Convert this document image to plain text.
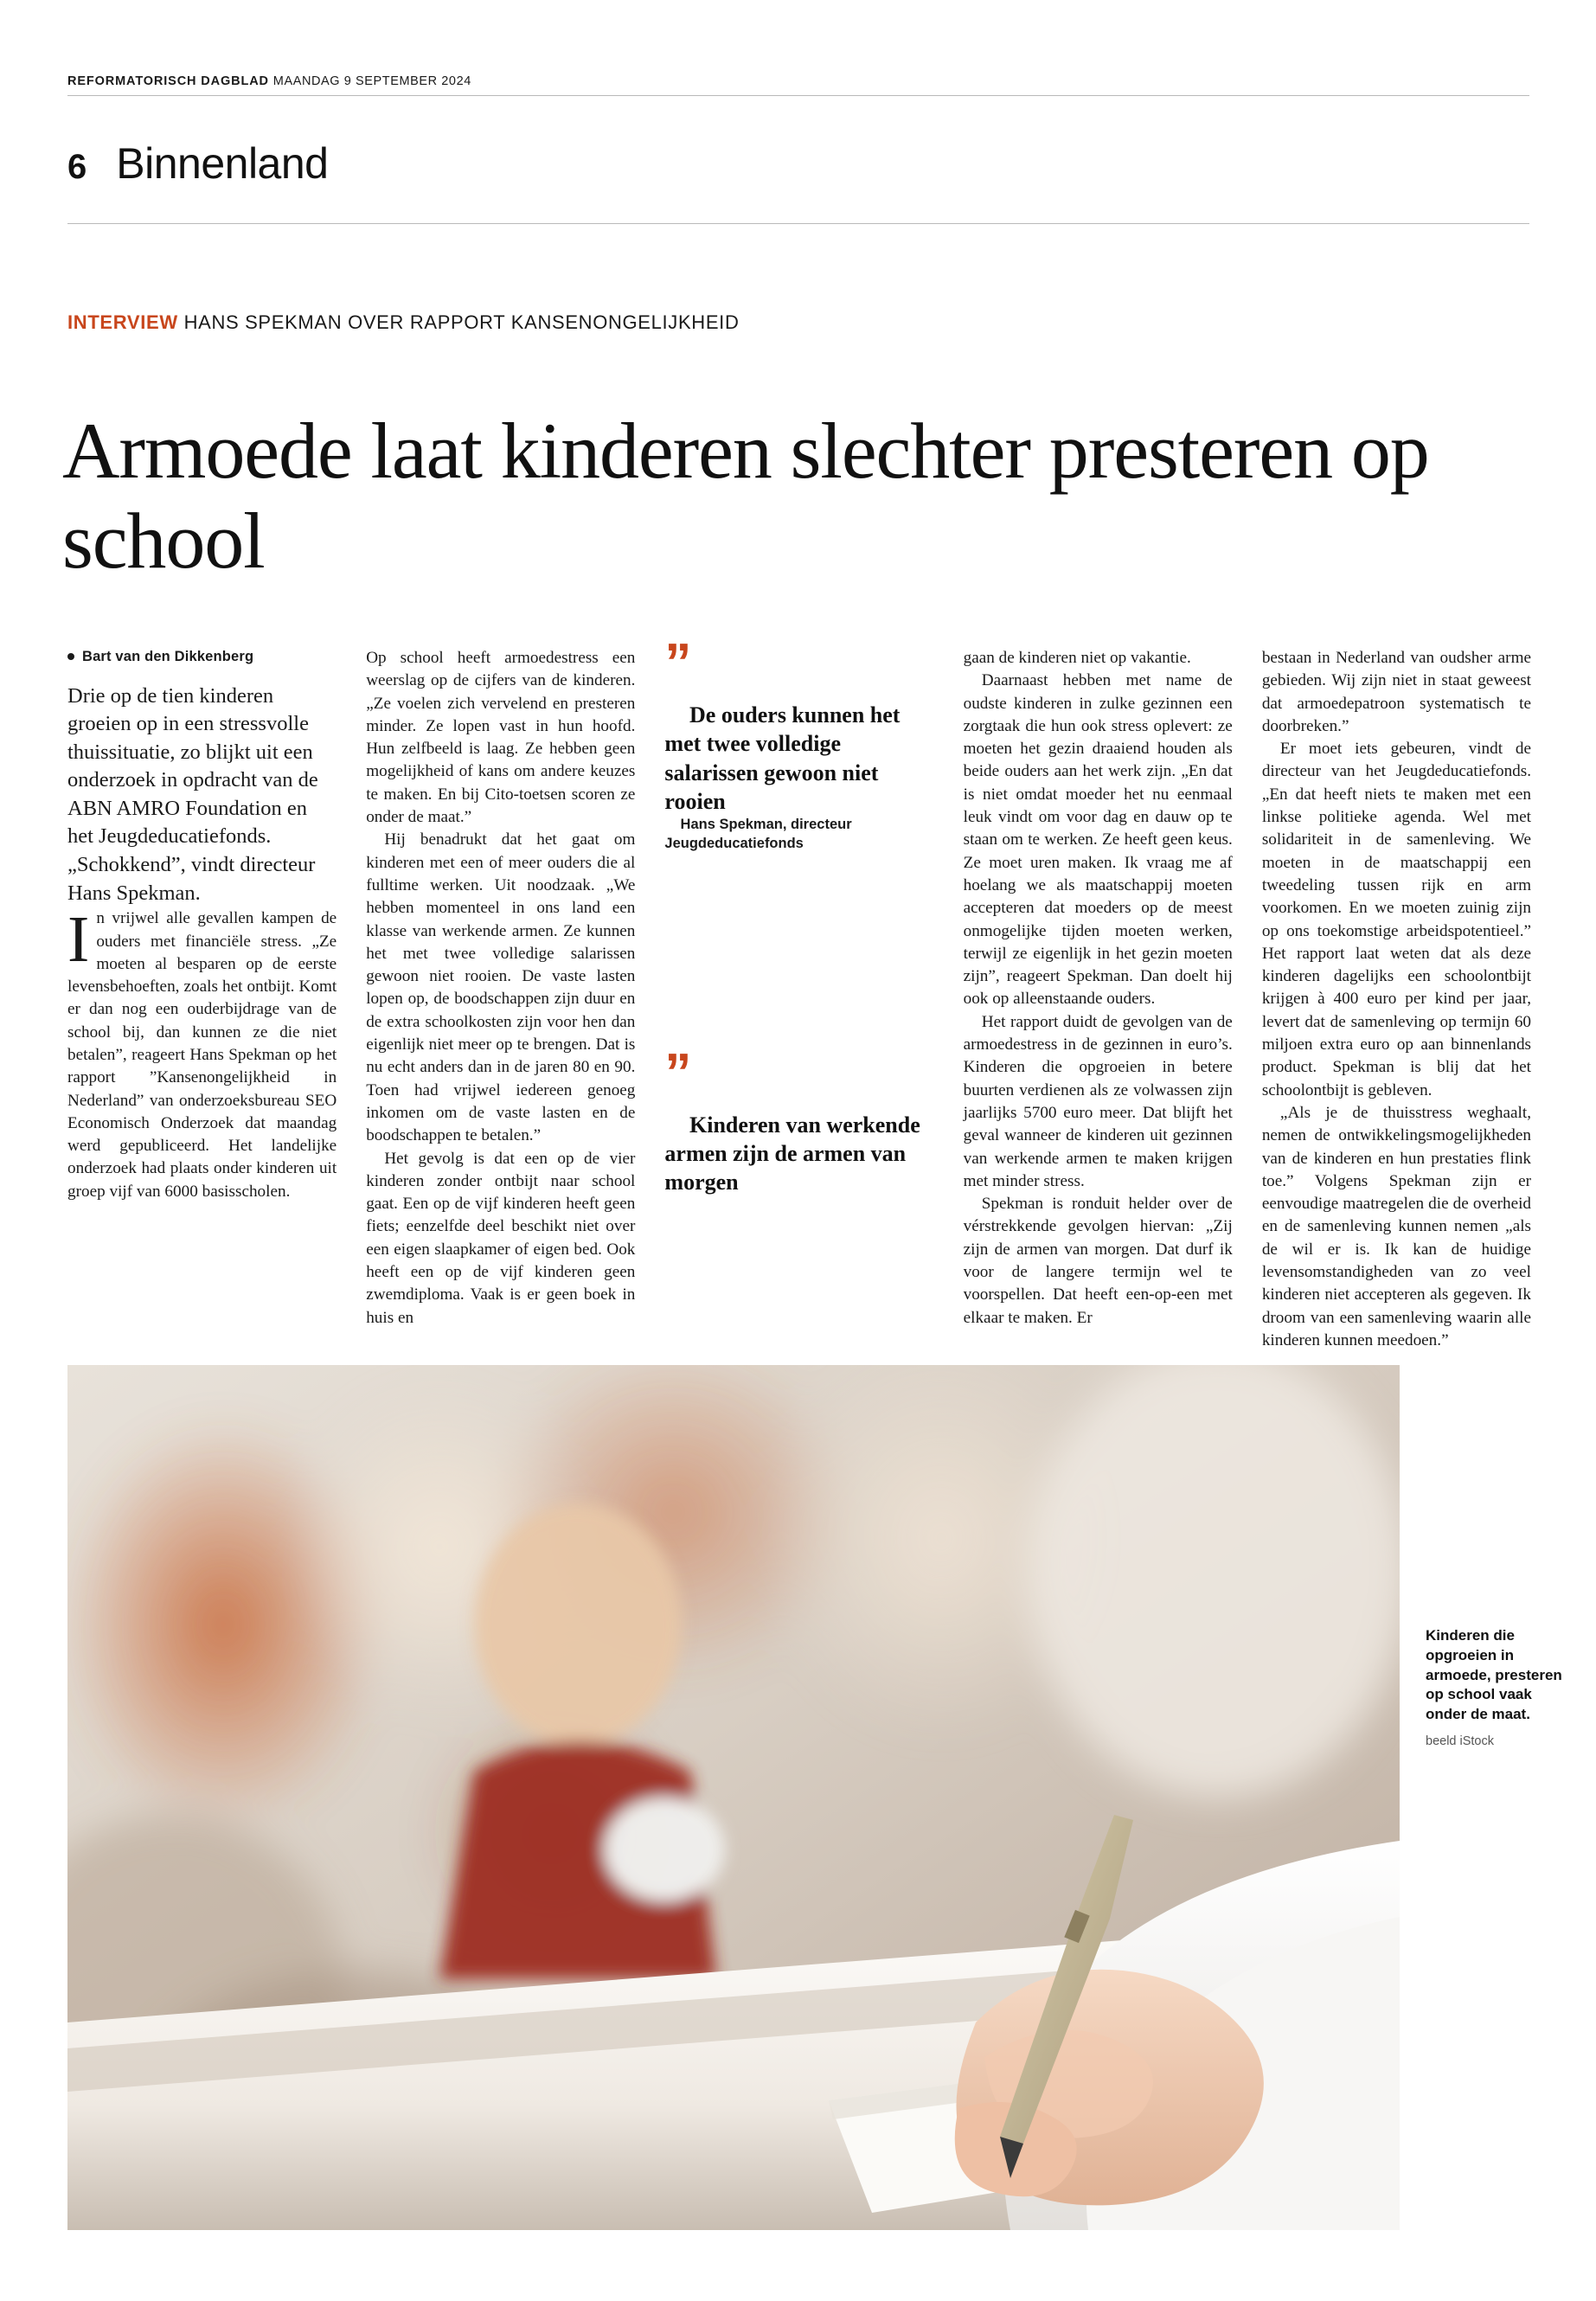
REFORMATORISCH DAGBLAD MAANDAG 9 SEPTEMBER 2024
6 Binnenland
INTERVIEW HANS SPEKMAN OVER RAPPORT KANSENONGELIJKHEID
Armoede laat kinderen slechter presteren op school
Bart van den Dikkenberg

Drie op de tien kinderen groeien op in een stressvolle thuissituatie, zo blijkt uit een onderzoek in opdracht van de ABN AMRO Foundation en het Jeugdeducatiefonds. „Schokkend”, vindt directeur Hans Spekman.

In vrijwel alle gevallen kampen de ouders met financiële stress. „Ze moeten al besparen op de eerste levensbehoeften, zoals het ontbijt. Komt er dan nog een ouderbijdrage van de school bij, dan kunnen ze die niet betalen”, reageert Hans Spekman op het rapport ”Kansenongelijkheid in Nederland” van onderzoeksbureau SEO Economisch Onderzoek dat maandag werd gepubliceerd. Het landelijke onderzoek had plaats onder kinderen uit groep vijf van 6000 basisscholen.

Op school heeft armoedestress een weerslag op de cijfers van de kinderen. „Ze voelen zich vervelend en presteren minder. Ze lopen vast in hun hoofd. Hun zelfbeeld is laag. Ze hebben geen mogelijkheid of kans om andere keuzes te maken. En bij Cito-toetsen scoren ze onder de maat.”

Hij benadrukt dat het gaat om kinderen met een of meer ouders die al fulltime werken. Uit noodzaak. „We hebben momenteel in ons land een klasse van werkende armen. Ze kunnen het met twee volledige salarissen gewoon niet rooien. De vaste lasten lopen op, de boodschappen zijn duur en de extra schoolkosten zijn voor hen dan eigenlijk niet meer op te brengen. Dat is nu echt anders dan in de jaren 80 en 90. Toen had vrijwel iedereen genoeg inkomen om de vaste lasten en de boodschappen te betalen.”

Het gevolg is dat een op de vier kinderen zonder ontbijt naar school gaat. Een op de vijf kinderen heeft geen fiets; eenzelfde deel beschikt niet over een eigen slaapkamer of eigen bed. Ook heeft een op de vijf kinderen geen zwemdiploma. Vaak is er geen boek in huis en

”

De ouders kunnen het met twee volledige salarissen gewoon niet rooien

Hans Spekman, directeur Jeugdeducatiefonds

”

Kinderen van werkende armen zijn de armen van morgen

gaan de kinderen niet op vakantie.

Daarnaast hebben met name de oudste kinderen in zulke gezinnen een zorgtaak die hun ook stress oplevert: ze moeten het gezin draaiend houden als beide ouders aan het werk zijn. „En dat is niet omdat moeder het nu eenmaal leuk vindt om voor dag en dauw op te staan om te werken. Ze heeft geen keus. Ze moet uren maken. Ik vraag me af hoelang we als maatschappij moeten accepteren dat moeders op de meest onmogelijke tijden moeten werken, terwijl ze eigenlijk in het gezin moeten zijn”, reageert Spekman. Dan doelt hij ook op alleenstaande ouders.

Het rapport duidt de gevolgen van de armoedestress in de gezinnen in euro’s. Kinderen die opgroeien in betere buurten verdienen als ze volwassen zijn jaarlijks 5700 euro meer. Dat blijft het geval wanneer de kinderen uit gezinnen van werkende armen te maken krijgen met minder stress.

Spekman is ronduit helder over de vérstrekkende gevolgen hiervan: „Zij zijn de armen van morgen. Dat durf ik voor de langere termijn wel te voorspellen. Dat heeft een-op-een met elkaar te maken. Er

bestaan in Nederland van oudsher arme gebieden. Wij zijn niet in staat geweest dat armoedepatroon systematisch te doorbreken.”

Er moet iets gebeuren, vindt de directeur van het Jeugdeducatiefonds. „En dat heeft niets te maken met een linkse politieke agenda. Wel met solidariteit in de samenleving. We moeten in de maatschappij een tweedeling tussen rijk en arm voorkomen. En we moeten zuinig zijn op ons toekomstige arbeidspotentieel.” Het rapport laat weten dat als deze kinderen dagelijks een schoolontbijt krijgen à 400 euro per kind per jaar, levert dat de samenleving op termijn 60 miljoen extra euro op aan binnenlands product. Spekman is blij dat het schoolontbijt is gebleven.

„Als je de thuisstress weghaalt, nemen de ontwikkelingsmogelijkheden van de kinderen en hun prestaties flink toe.” Volgens Spekman zijn er eenvoudige maatregelen die de overheid en de samenleving kunnen nemen „als de wil er is. Ik kan de huidige levensomstandigheden van zo veel kinderen niet accepteren als gegeven. Ik droom van een samenleving waarin alle kinderen kunnen meedoen.”

Kinderen die opgroeien in armoede, presteren op school vaak onder de maat.
beeld iStock
